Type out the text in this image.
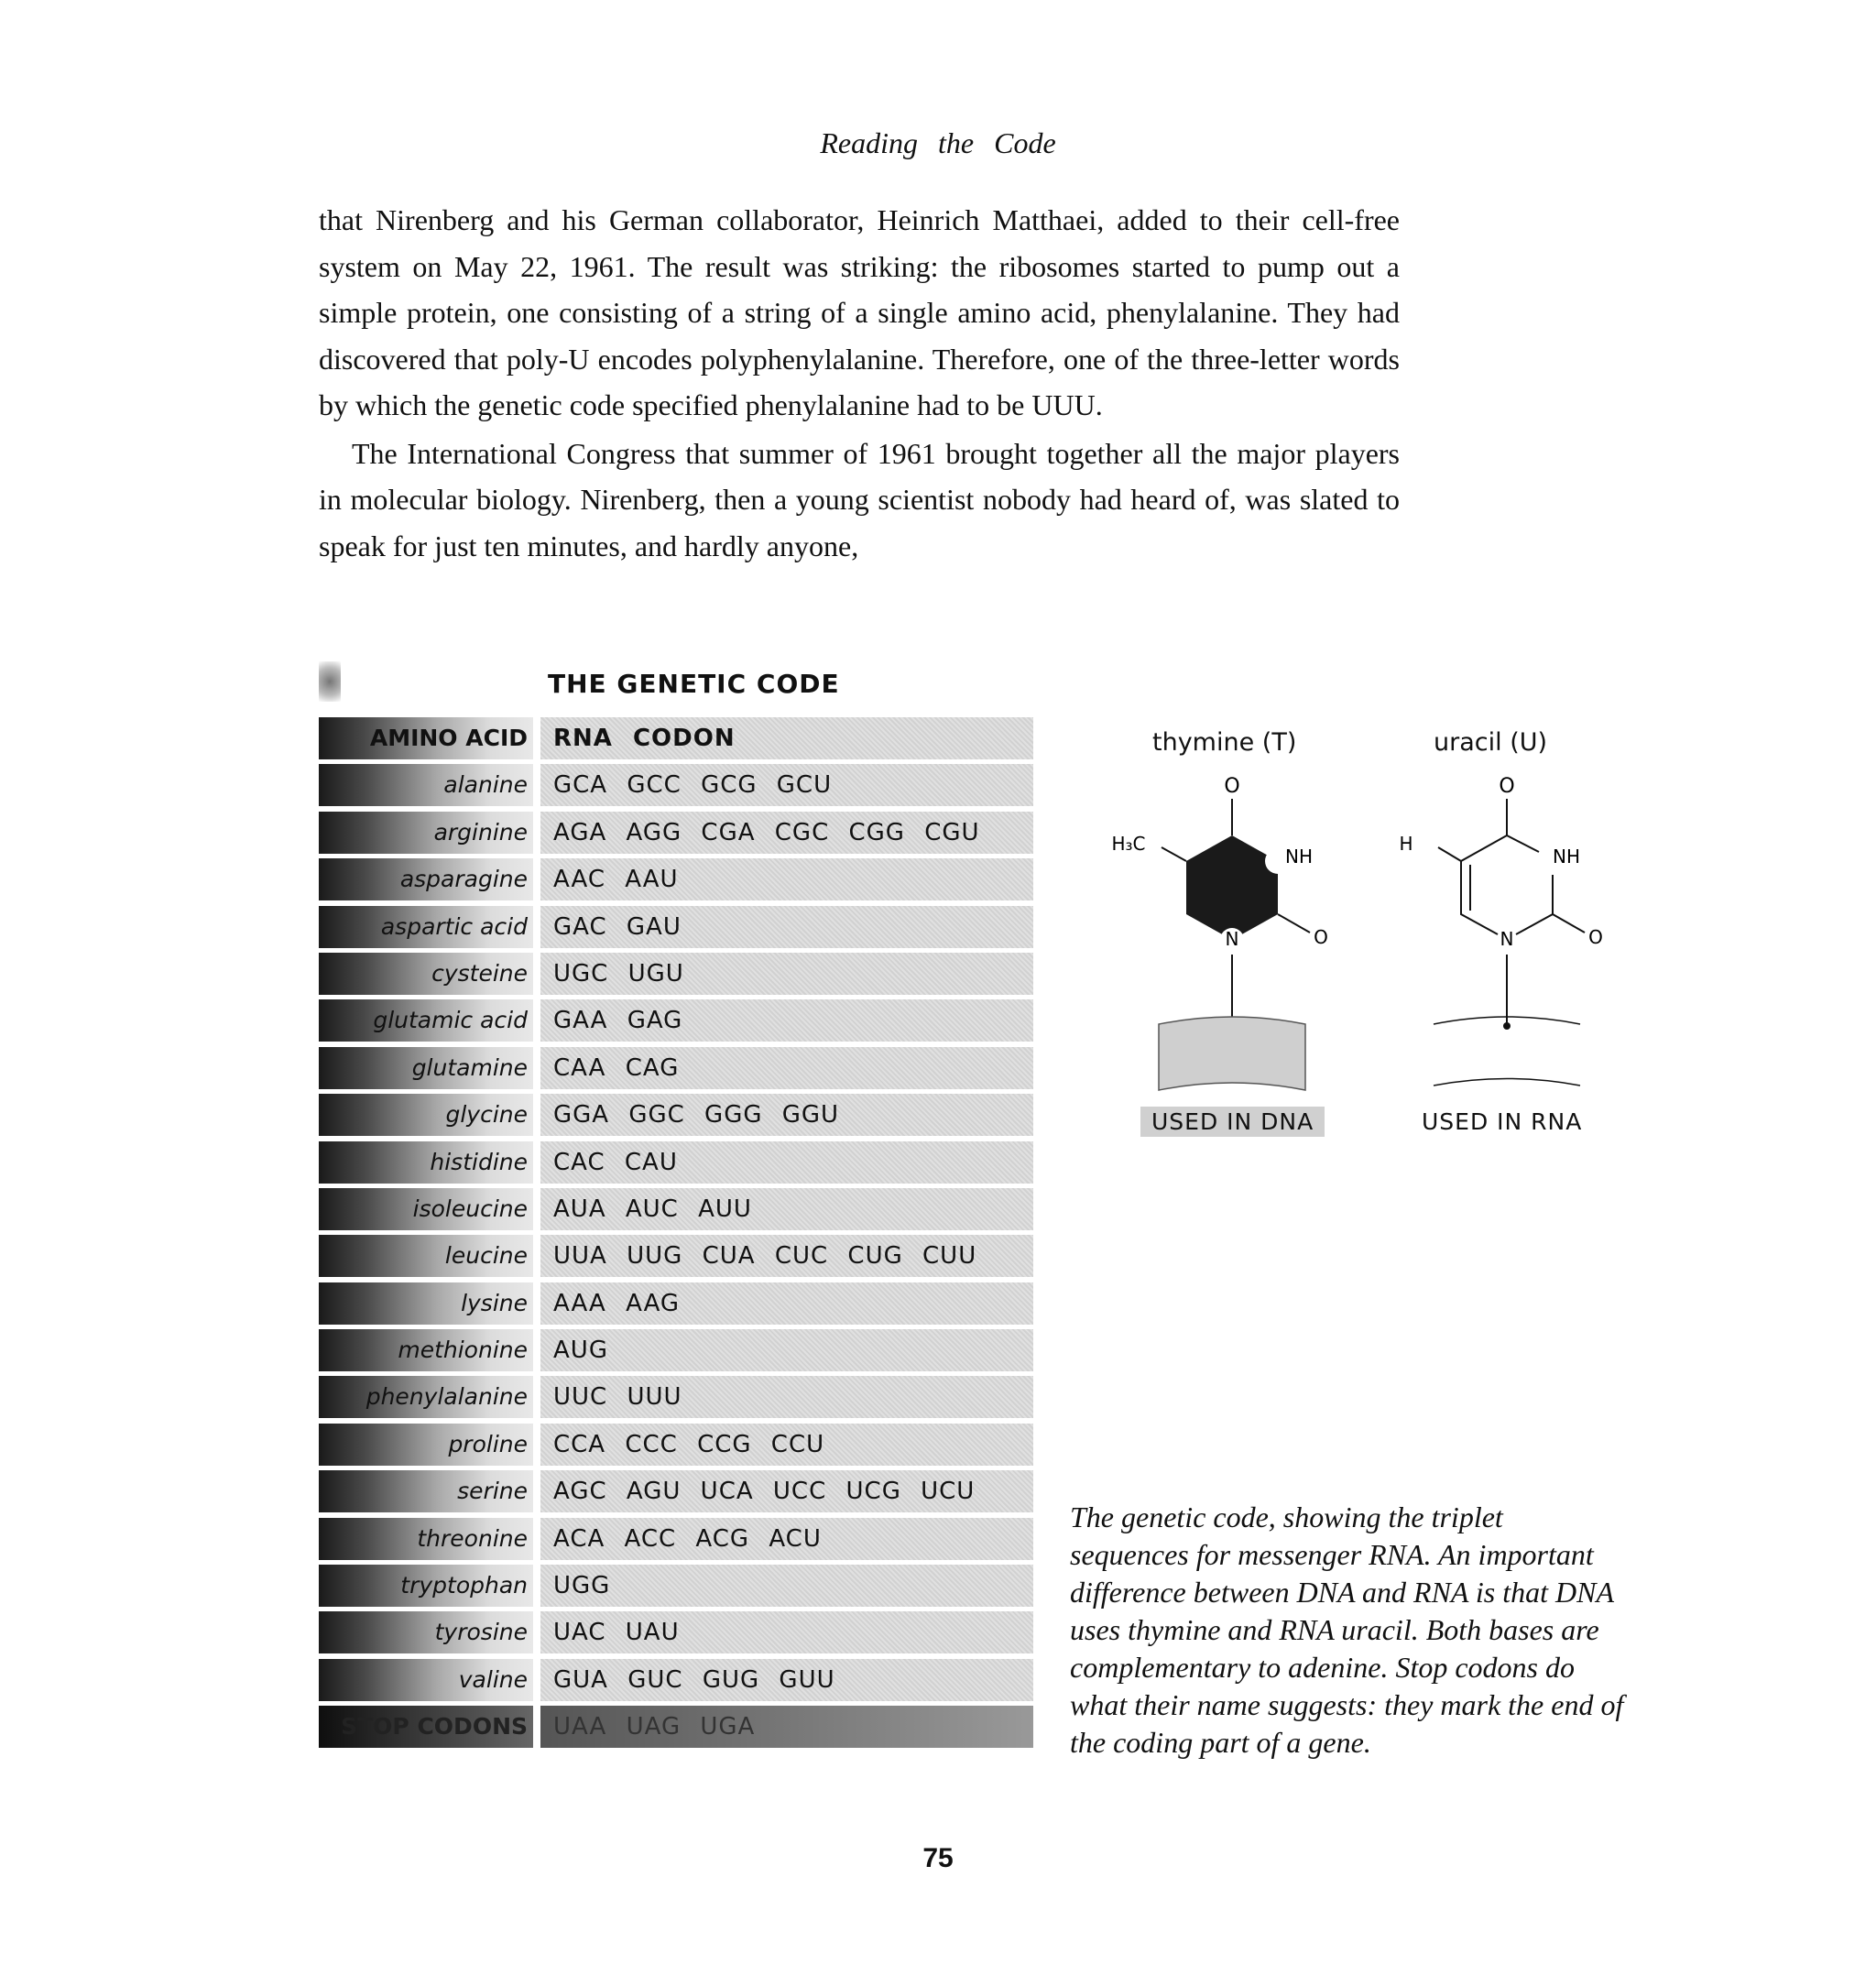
Reading the Code

that Nirenberg and his German collaborator, Heinrich Matthaei, added to their cell-free system on May 22, 1961. The result was striking: the ribosomes started to pump out a simple protein, one consisting of a string of a single amino acid, phenylalanine. They had discovered that poly-U encodes polyphenylalanine. Therefore, one of the three-letter words by which the genetic code specified phenylalanine had to be UUU.

The International Congress that summer of 1961 brought together all the major players in molecular biology. Nirenberg, then a young scientist nobody had heard of, was slated to speak for just ten minutes, and hardly anyone,

THE GENETIC CODE
AMINO ACID	RNA CODON
alanine	GCA GCC GCG GCU
arginine	AGA AGG CGA CGC CGG CGU
asparagine	AAC AAU
aspartic acid	GAC GAU
cysteine	UGC UGU
glutamic acid	GAA GAG
glutamine	CAA CAG
glycine	GGA GGC GGG GGU
histidine	CAC CAU
isoleucine	AUA AUC AUU
leucine	UUA UUG CUA CUC CUG CUU
lysine	AAA AAG
methionine	AUG
phenylalanine	UUC UUU
proline	CCA CCC CCG CCU
serine	AGC AGU UCA UCC UCG UCU
threonine	ACA ACC ACG ACU
tryptophan	UGG
tyrosine	UAC UAU
valine	GUA GUC GUG GUU
STOP CODONS	UAA UAG UGA
thymine (T)	uracil (U)
O
NH
O
H₃C
N
O
NH
O
H
N
USED IN DNA	USED IN RNA
The genetic code, showing the triplet sequences for messenger RNA. An important difference between DNA and RNA is that DNA uses thymine and RNA uracil. Both bases are complementary to adenine. Stop codons do what their name suggests: they mark the end of the coding part of a gene.
75
